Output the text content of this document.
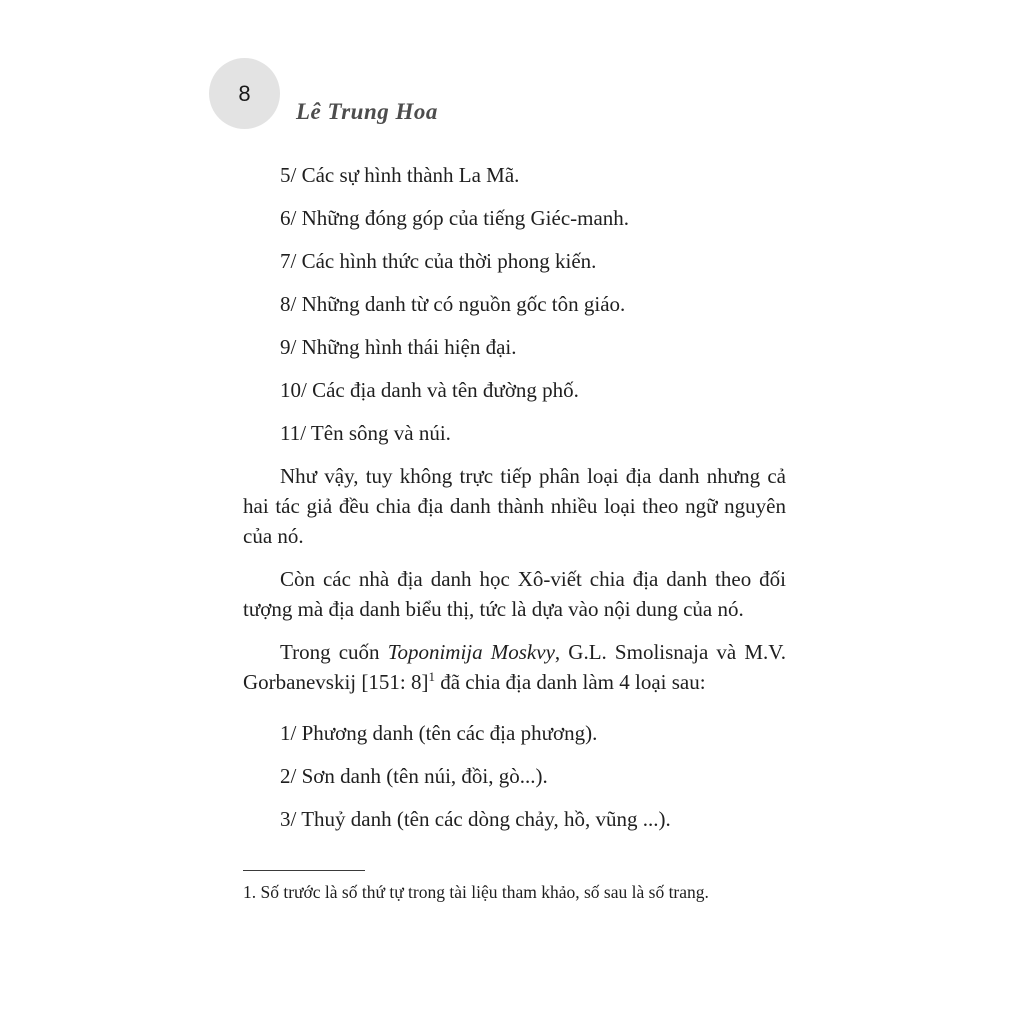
8
Lê Trung Hoa

5/ Các sự hình thành La Mã.

6/ Những đóng góp của tiếng Giéc-manh.

7/ Các hình thức của thời phong kiến.

8/ Những danh từ có nguồn gốc tôn giáo.

9/ Những hình thái hiện đại.

10/ Các địa danh và tên đường phố.

11/ Tên sông và núi.

Như vậy, tuy không trực tiếp phân loại địa danh nhưng cả hai tác giả đều chia địa danh thành nhiều loại theo ngữ nguyên của nó.

Còn các nhà địa danh học Xô-viết chia địa danh theo đối tượng mà địa danh biểu thị, tức là dựa vào nội dung của nó.

Trong cuốn Toponimija Moskvy, G.L. Smolisnaja và M.V. Gorbanevskij [151: 8]$^1$ đã chia địa danh làm 4 loại sau:

1/ Phương danh (tên các địa phương).

2/ Sơn danh (tên núi, đồi, gò...).

3/ Thuỷ danh (tên các dòng chảy, hồ, vũng ...).

1. Số trước là số thứ tự trong tài liệu tham khảo, số sau là số trang.
